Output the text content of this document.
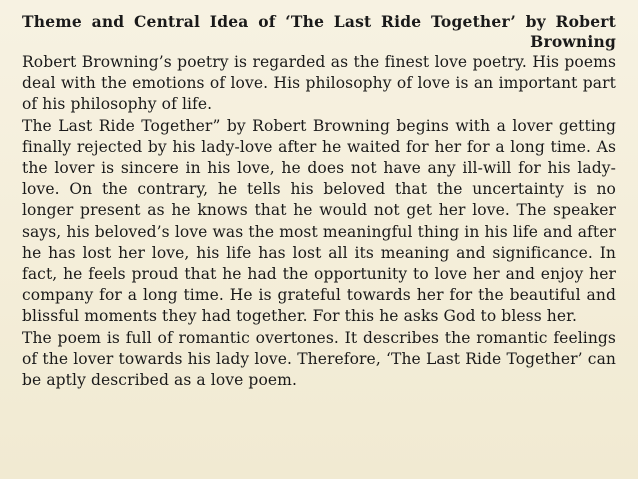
Theme and Central Idea of ‘The Last Ride Together’ by Robert Browning

Robert Browning’s poetry is regarded as the finest love poetry. His poems deal with the emotions of love. His philosophy of love is an important part of his philosophy of life.

The Last Ride Together” by Robert Browning begins with a lover getting finally rejected by his lady-love after he waited for her for a long time. As the lover is sincere in his love, he does not have any ill-will for his lady-love. On the contrary, he tells his beloved that the uncertainty is no longer present as he knows that he would not get her love. The speaker says, his beloved’s love was the most meaningful thing in his life and after he has lost her love, his life has lost all its meaning and significance. In fact, he feels proud that he had the opportunity to love her and enjoy her company for a long time. He is grateful towards her for the beautiful and blissful moments they had together. For this he asks God to bless her.

The poem is full of romantic overtones. It describes the romantic feelings of the lover towards his lady love. Therefore, ‘The Last Ride Together’ can be aptly described as a love poem.
